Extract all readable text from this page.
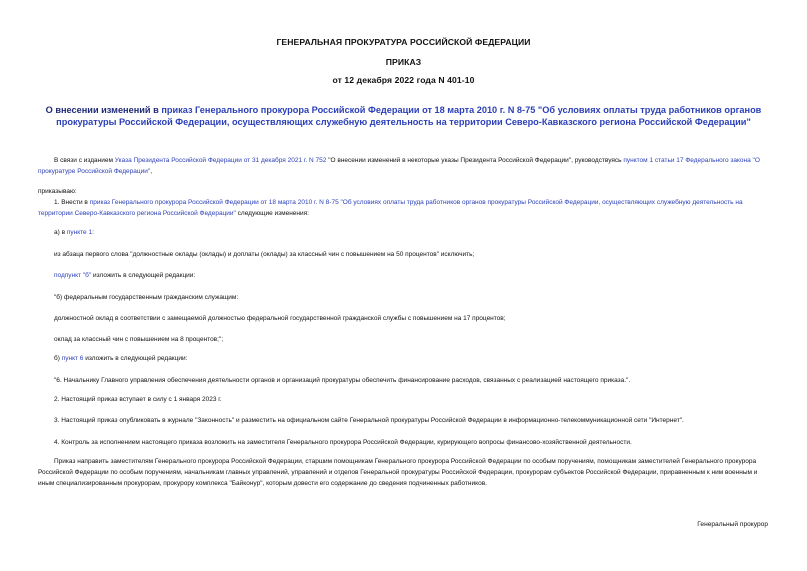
ГЕНЕРАЛЬНАЯ ПРОКУРАТУРА РОССИЙСКОЙ ФЕДЕРАЦИИ
ПРИКАЗ
от 12 декабря 2022 года N 401-10
О внесении изменений в приказ Генерального прокурора Российской Федерации от 18 марта 2010 г. N 8-75 "Об условиях оплаты труда работников органов прокуратуры Российской Федерации, осуществляющих служебную деятельность на территории Северо-Кавказского региона Российской Федерации"
В связи с изданием Указа Президента Российской Федерации от 31 декабря 2021 г. N 752 "О внесении изменений в некоторые указы Президента Российской Федерации", руководствуясь пунктом 1 статьи 17 Федерального закона "О прокуратуре Российской Федерации",
приказываю:
1. Внести в приказ Генерального прокурора Российской Федерации от 18 марта 2010 г. N 8-75 "Об условиях оплаты труда работников органов прокуратуры Российской Федерации, осуществляющих служебную деятельность на территории Северо-Кавказского региона Российской Федерации" следующие изменения:
а) в пункте 1:
из абзаца первого слова "должностные оклады (оклады) и доплаты (оклады) за классный чин с повышением на 50 процентов" исключить;
подпункт "б" изложить в следующей редакции:
"б) федеральным государственным гражданским служащим:
должностной оклад в соответствии с замещаемой должностью федеральной государственной гражданской службы с повышением на 17 процентов;
оклад за классный чин с повышением на 8 процентов;";
б) пункт 6 изложить в следующей редакции:
"6. Начальнику Главного управления обеспечения деятельности органов и организаций прокуратуры обеспечить финансирование расходов, связанных с реализацией настоящего приказа.".
2. Настоящий приказ вступает в силу с 1 января 2023 г.
3. Настоящий приказ опубликовать в журнале "Законность" и разместить на официальном сайте Генеральной прокуратуры Российской Федерации в информационно-телекоммуникационной сети "Интернет".
4. Контроль за исполнением настоящего приказа возложить на заместителя Генерального прокурора Российской Федерации, курирующего вопросы финансово-хозяйственной деятельности.
Приказ направить заместителям Генерального прокурора Российской Федерации, старшим помощникам Генерального прокурора Российской Федерации по особым поручениям, помощникам заместителей Генерального прокурора Российской Федерации по особым поручениям, начальникам главных управлений, управлений и отделов Генеральной прокуратуры Российской Федерации, прокурорам субъектов Российской Федерации, приравненным к ним военным и иным специализированным прокурорам, прокурору комплекса "Байконур", которым довести его содержание до сведения подчиненных работников.
Генеральный прокурор
